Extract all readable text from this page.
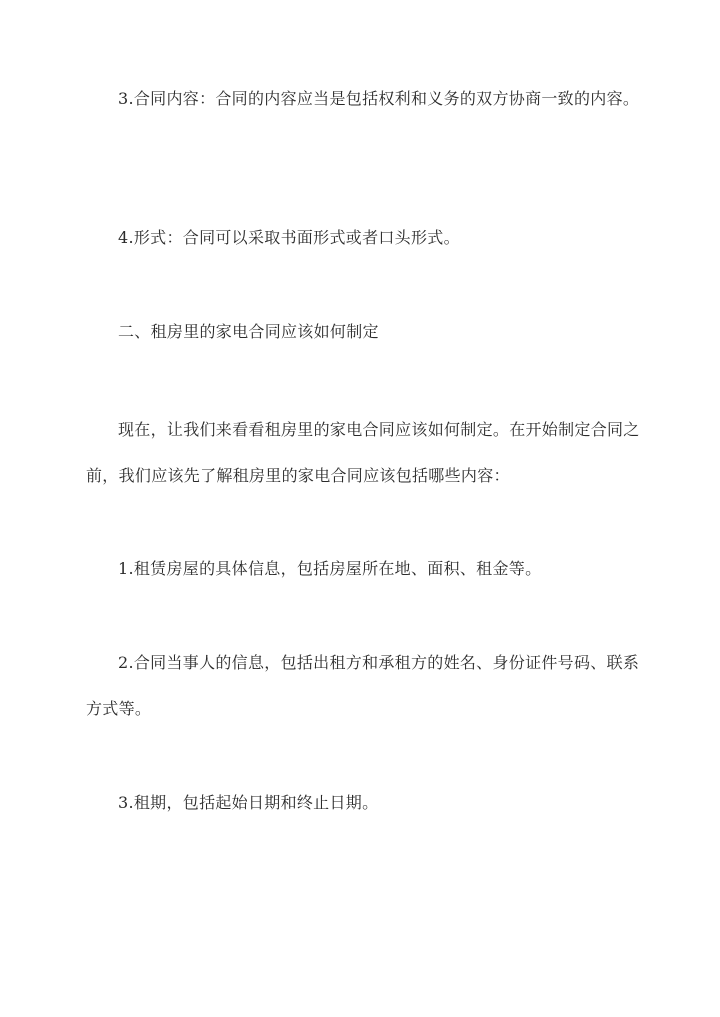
3.合同内容：合同的内容应当是包括权利和义务的双方协商一致的内容。

4.形式：合同可以采取书面形式或者口头形式。

二、租房里的家电合同应该如何制定

现在，让我们来看看租房里的家电合同应该如何制定。在开始制定合同之前，我们应该先了解租房里的家电合同应该包括哪些内容：

1.租赁房屋的具体信息，包括房屋所在地、面积、租金等。

2.合同当事人的信息，包括出租方和承租方的姓名、身份证件号码、联系方式等。

3.租期，包括起始日期和终止日期。
